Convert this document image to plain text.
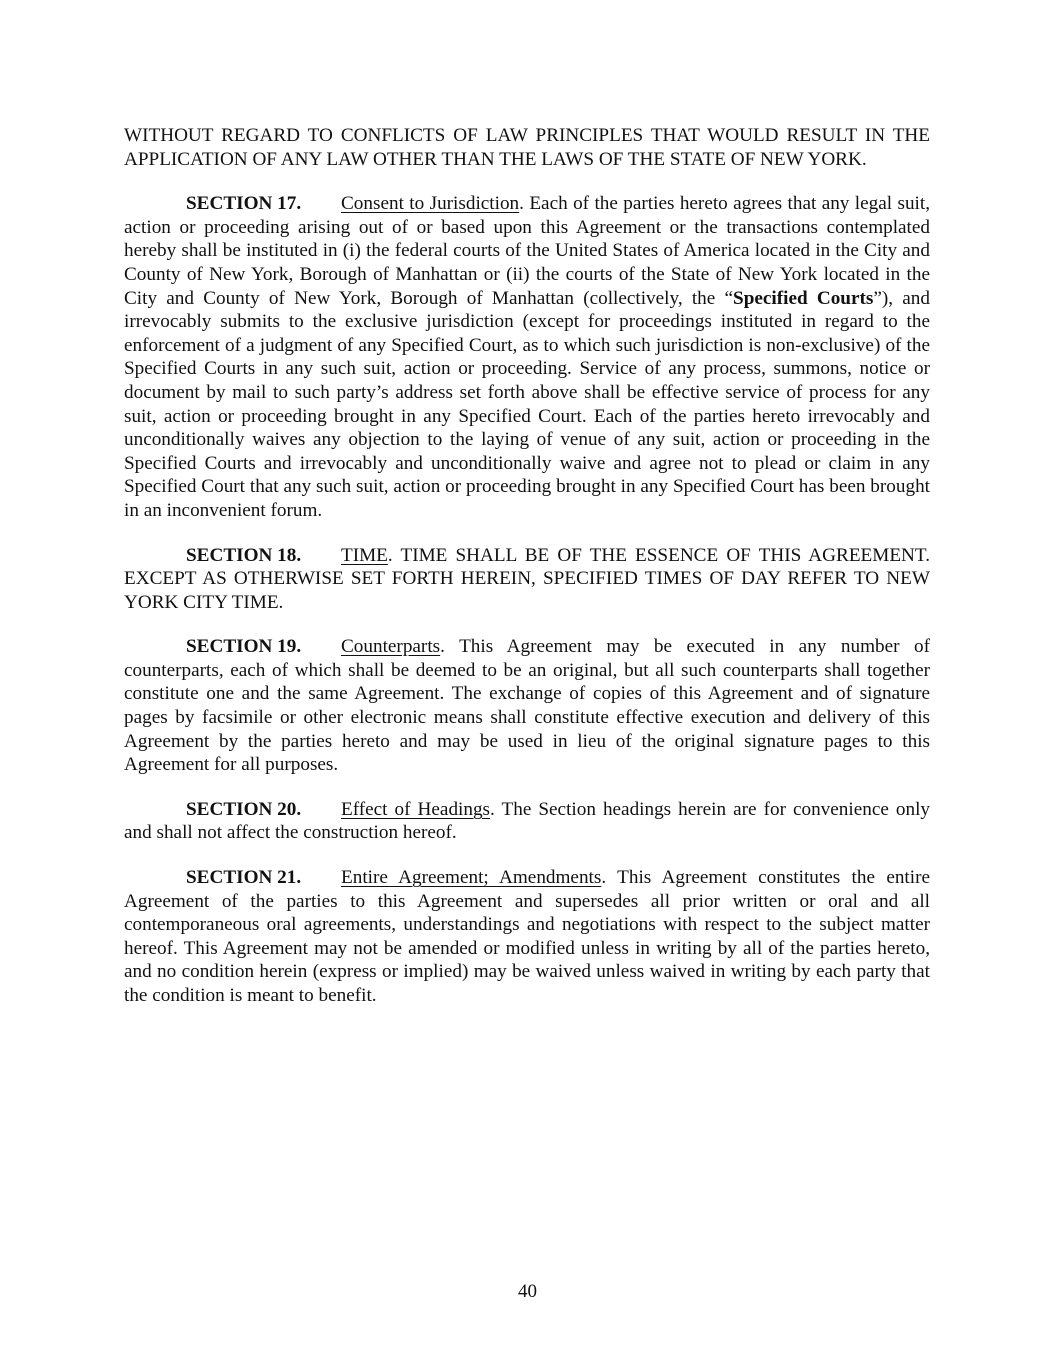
WITHOUT REGARD TO CONFLICTS OF LAW PRINCIPLES THAT WOULD RESULT IN THE APPLICATION OF ANY LAW OTHER THAN THE LAWS OF THE STATE OF NEW YORK.

SECTION 17. Consent to Jurisdiction. Each of the parties hereto agrees that any legal suit, action or proceeding arising out of or based upon this Agreement or the transactions contemplated hereby shall be instituted in (i) the federal courts of the United States of America located in the City and County of New York, Borough of Manhattan or (ii) the courts of the State of New York located in the City and County of New York, Borough of Manhattan (collectively, the “Specified Courts”), and irrevocably submits to the exclusive jurisdiction (except for proceedings instituted in regard to the enforcement of a judgment of any Specified Court, as to which such jurisdiction is non-exclusive) of the Specified Courts in any such suit, action or proceeding. Service of any process, summons, notice or document by mail to such party’s address set forth above shall be effective service of process for any suit, action or proceeding brought in any Specified Court. Each of the parties hereto irrevocably and unconditionally waives any objection to the laying of venue of any suit, action or proceeding in the Specified Courts and irrevocably and unconditionally waive and agree not to plead or claim in any Specified Court that any such suit, action or proceeding brought in any Specified Court has been brought in an inconvenient forum.

SECTION 18. TIME. TIME SHALL BE OF THE ESSENCE OF THIS AGREEMENT. EXCEPT AS OTHERWISE SET FORTH HEREIN, SPECIFIED TIMES OF DAY REFER TO NEW YORK CITY TIME.

SECTION 19. Counterparts. This Agreement may be executed in any number of counterparts, each of which shall be deemed to be an original, but all such counterparts shall together constitute one and the same Agreement. The exchange of copies of this Agreement and of signature pages by facsimile or other electronic means shall constitute effective execution and delivery of this Agreement by the parties hereto and may be used in lieu of the original signature pages to this Agreement for all purposes.

SECTION 20. Effect of Headings. The Section headings herein are for convenience only and shall not affect the construction hereof.

SECTION 21. Entire Agreement; Amendments. This Agreement constitutes the entire Agreement of the parties to this Agreement and supersedes all prior written or oral and all contemporaneous oral agreements, understandings and negotiations with respect to the subject matter hereof. This Agreement may not be amended or modified unless in writing by all of the parties hereto, and no condition herein (express or implied) may be waived unless waived in writing by each party that the condition is meant to benefit.

40
